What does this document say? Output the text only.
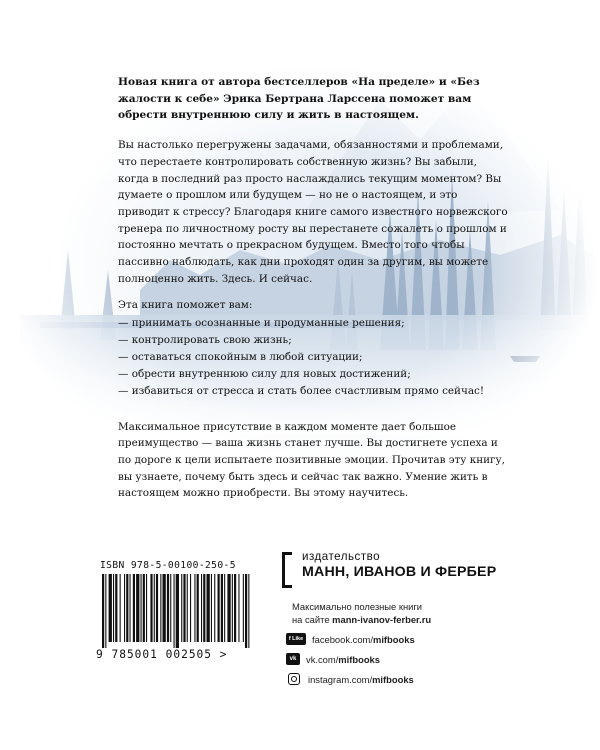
Новая книга от автора бестселлеров «На пределе» и «Без жалости к себе» Эрика Бертрана Ларссена поможет вам обрести внутреннюю силу и жить в настоящем.

Вы настолько перегружены задачами, обязанностями и проблемами, что перестаете контролировать собственную жизнь? Вы забыли, когда в последний раз просто наслаждались текущим моментом? Вы думаете о прошлом или будущем — но не о настоящем, и это приводит к стрессу? Благодаря книге самого известного норвежского тренера по личностному росту вы перестанете сожалеть о прошлом и постоянно мечтать о прекрасном будущем. Вместо того чтобы пассивно наблюдать, как дни проходят один за другим, вы можете полноценно жить. Здесь. И сейчас.

Эта книга поможет вам:
— принимать осознанные и продуманные решения;
— контролировать свою жизнь;
— оставаться спокойным в любой ситуации;
— обрести внутреннюю силу для новых достижений;
— избавиться от стресса и стать более счастливым прямо сейчас!

Максимальное присутствие в каждом моменте дает большое преимущество — ваша жизнь станет лучше. Вы достигнете успеха и по дороге к цели испытаете позитивные эмоции. Прочитав эту книгу, вы узнаете, почему быть здесь и сейчас так важно. Умение жить в настоящем можно приобрести. Вы этому научитесь.

ISBN 978-5-00100-250-5
9 785001 002505 >
издательство
МАНН, ИВАНОВ И ФЕРБЕР
Максимально полезные книги
на сайте mann-ivanov-ferber.ru
f Like facebook.com/ mifbooks
vk	vk.com/ mifbooks
instagram.com/ mifbooks
